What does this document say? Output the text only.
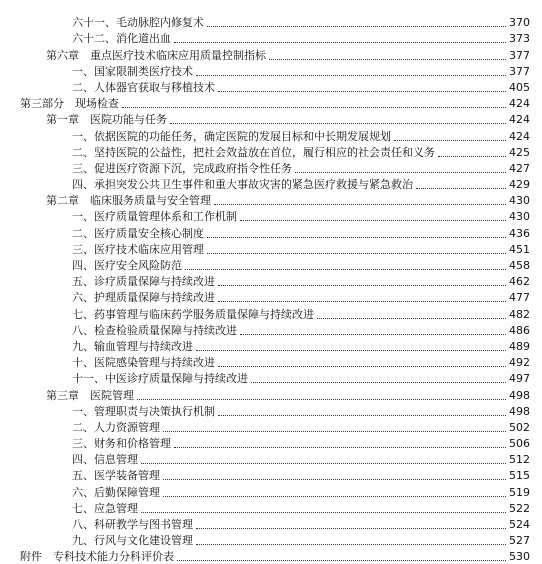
六十一、毛动脉腔内修复术	370
六十二、消化道出血	373
第六章　重点医疗技术临床应用质量控制指标	377
一、国家限制类医疗技术	377
二、人体器官获取与移植技术	405
第三部分　现场检查	424
第一章　医院功能与任务	424
一、依据医院的功能任务，确定医院的发展目标和中长期发展规划	424
二、坚持医院的公益性，把社会效益放在首位，履行相应的社会责任和义务	425
三、促进医疗资源下沉，完成政府指令性任务	427
四、承担突发公共卫生事件和重大事故灾害的紧急医疗救援与紧急救治	429
第二章　临床服务质量与安全管理	430
一、医疗质量管理体系和工作机制	430
二、医疗质量安全核心制度	436
三、医疗技术临床应用管理	451
四、医疗安全风险防范	458
五、诊疗质量保障与持续改进	462
六、护理质量保障与持续改进	477
七、药事管理与临床药学服务质量保障与持续改进	482
八、检查检验质量保障与持续改进	486
九、输血管理与持续改进	489
十、医院感染管理与持续改进	492
十一、中医诊疗质量保障与持续改进	497
第三章　医院管理	498
一、管理职责与决策执行机制	498
二、人力资源管理	502
三、财务和价格管理	506
四、信息管理	512
五、医学装备管理	515
六、后勤保障管理	519
七、应急管理	522
八、科研教学与图书管理	524
九、行风与文化建设管理	527
附件　专科技术能力分科评价表	530
